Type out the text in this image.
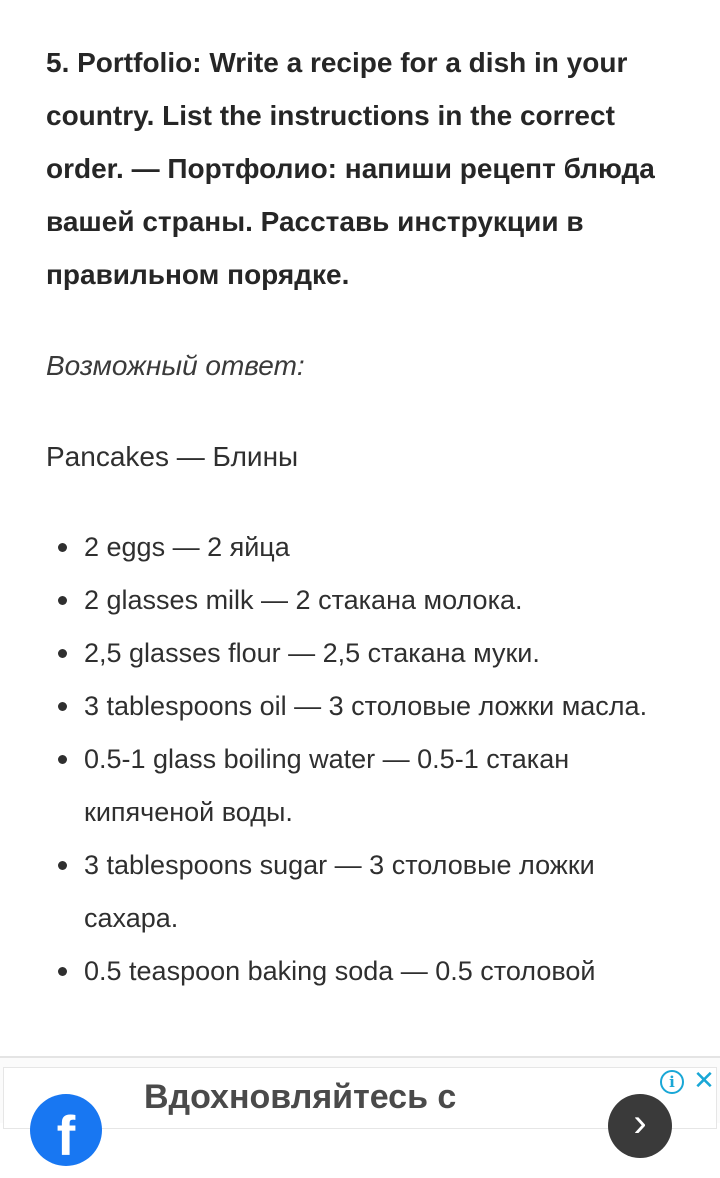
5. Portfolio: Write a recipe for a dish in your country. List the instructions in the correct order. — Портфолио: напиши рецепт блюда вашей страны. Расставь инструкции в правильном порядке.

Возможный ответ:

Pancakes — Блины

2 eggs — 2 яйца
2 glasses milk — 2 стакана молока.
2,5 glasses flour — 2,5 стакана муки.
3 tablespoons oil — 3 столовые ложки масла.
0.5-1 glass boiling water — 0.5-1 стакан кипяченой воды.
3 tablespoons sugar — 3 столовые ложки сахара.
0.5 teaspoon baking soda — 0.5 столовой
f
Вдохновляйтесь с
›
i ✕
